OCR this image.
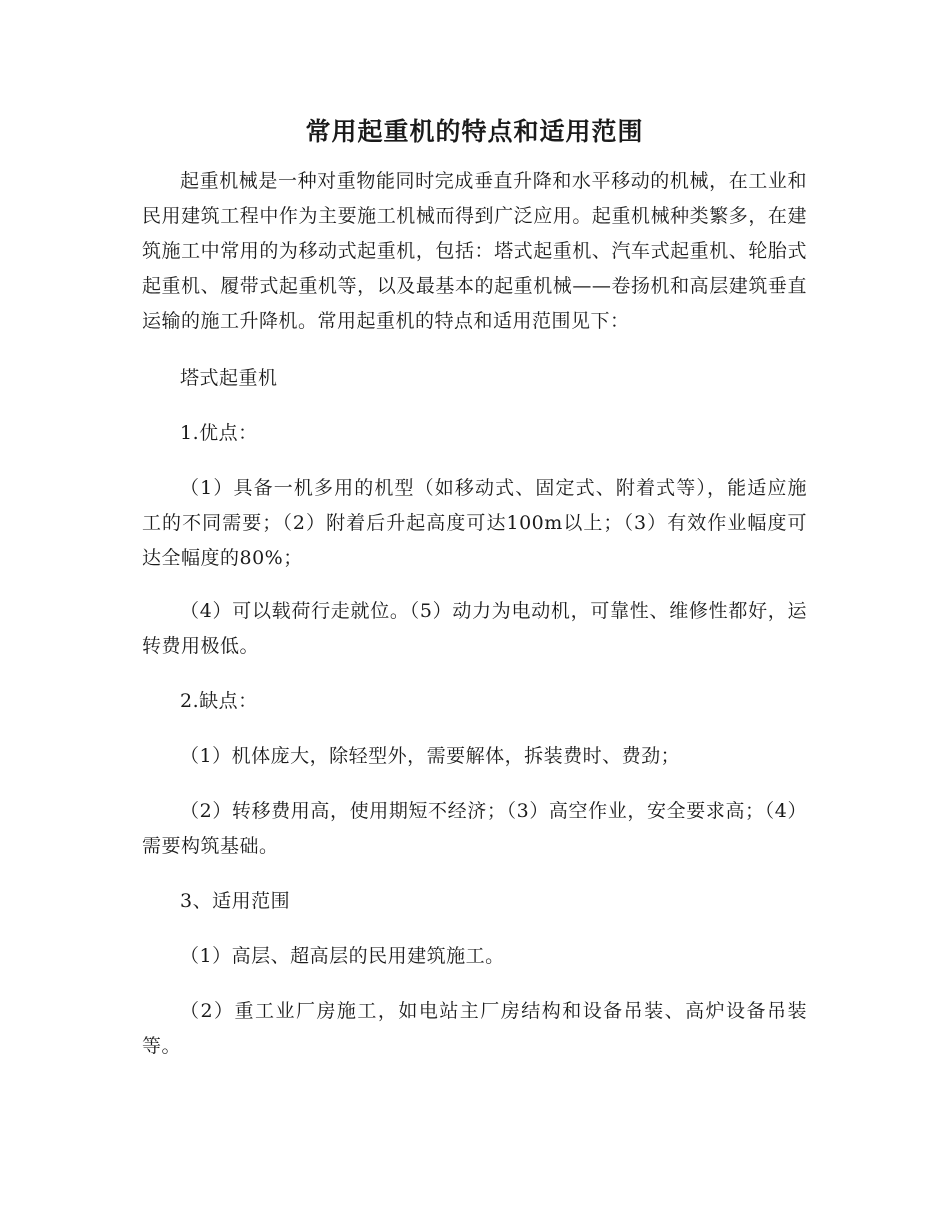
常用起重机的特点和适用范围
起重机械是一种对重物能同时完成垂直升降和水平移动的机械，在工业和民用建筑工程中作为主要施工机械而得到广泛应用。起重机械种类繁多，在建筑施工中常用的为移动式起重机，包括：塔式起重机、汽车式起重机、轮胎式起重机、履带式起重机等，以及最基本的起重机械——卷扬机和高层建筑垂直运输的施工升降机。常用起重机的特点和适用范围见下：
塔式起重机
1.优点：
（1）具备一机多用的机型（如移动式、固定式、附着式等），能适应施工的不同需要；（2）附着后升起高度可达100m以上；（3）有效作业幅度可达全幅度的80%；
（4）可以载荷行走就位。（5）动力为电动机，可靠性、维修性都好，运转费用极低。
2.缺点：
（1）机体庞大，除轻型外，需要解体，拆装费时、费劲；
（2）转移费用高，使用期短不经济；（3）高空作业，安全要求高；（4）需要构筑基础。
3、适用范围
（1）高层、超高层的民用建筑施工。
（2）重工业厂房施工，如电站主厂房结构和设备吊装、高炉设备吊装等。
